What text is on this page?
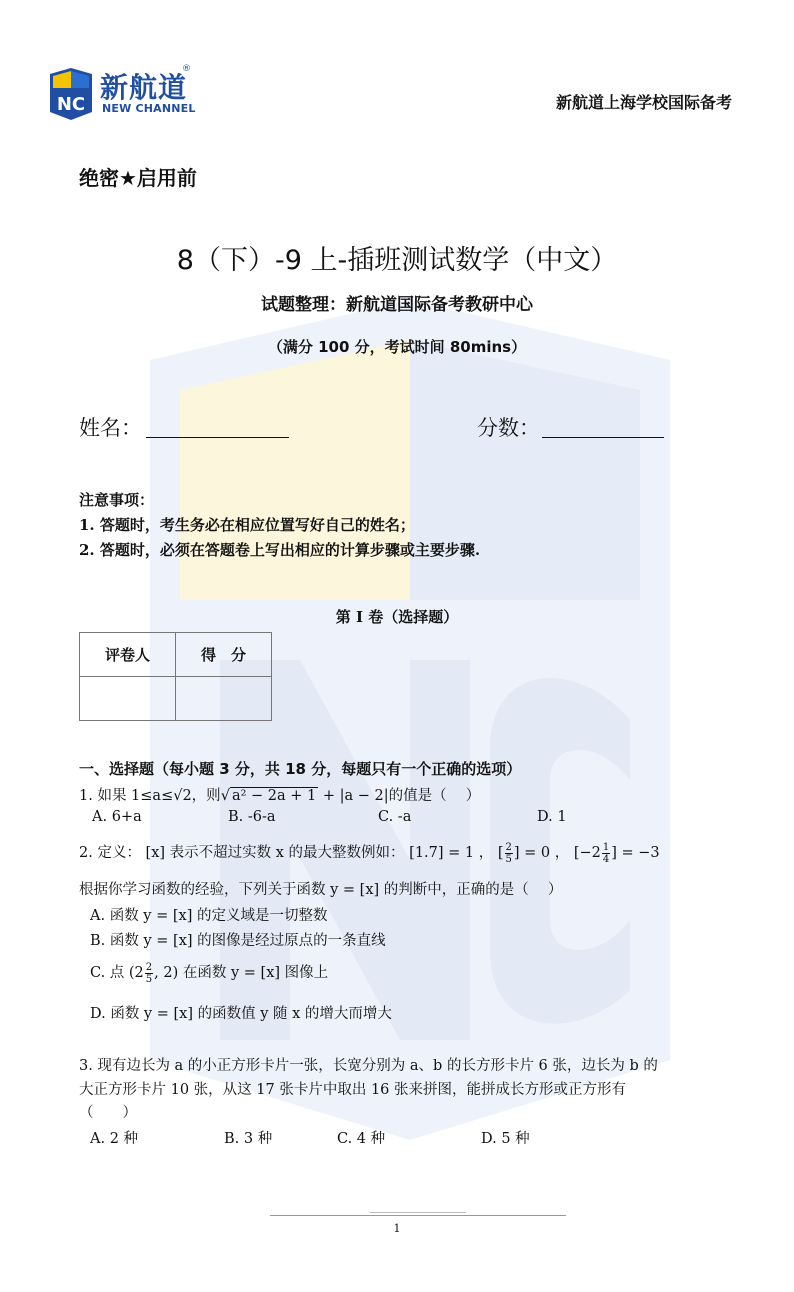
NC
新航道
®
NEW CHANNEL	新航道上海学校国际备考
绝密★启用前
8（下）-9 上-插班测试数学（中文）
试题整理：新航道国际备考教研中心
（满分 100 分，考试时间 80mins）
姓名：	分数：
注意事项：
1. 答题时，考生务必在相应位置写好自己的姓名；
2. 答题时，必须在答题卷上写出相应的计算步骤或主要步骤.
第 I 卷（选择题）
评卷人	得　分

一、选择题（每小题 3 分，共 18 分，每题只有一个正确的选项）
1. 如果 1≤a≤√2，则√ a² − 2a + 1 + |a − 2|的值是（　 ）
A. 6+a	B. -6-a	C. -a	D. 1
2. 定义： [x] 表示不超过实数 x 的最大整数例如： [1.7] = 1 ， [ $\frac{2}{5}$ ] = 0 ， [$-2 \frac{1}{4}$ ] = −3
根据你学习函数的经验，下列关于函数 y = [x] 的判断中，正确的是（　 ）
A. 函数 y = [x] 的定义域是一切整数
B. 函数 y = [x] 的图像是经过原点的一条直线
C. 点 ($2 \frac{2}{5}$ , 2) 在函数 y = [x] 图像上
D. 函数 y = [x] 的函数值 y 随 x 的增大而增大
3. 现有边长为 a 的小正方形卡片一张，长宽分别为 a、b 的长方形卡片 6 张，边长为 b 的
大正方形卡片 10 张，从这 17 张卡片中取出 16 张来拼图，能拼成长方形或正方形有
（　　）
A. 2 种	B. 3 种	C. 4 种	D. 5 种
1
